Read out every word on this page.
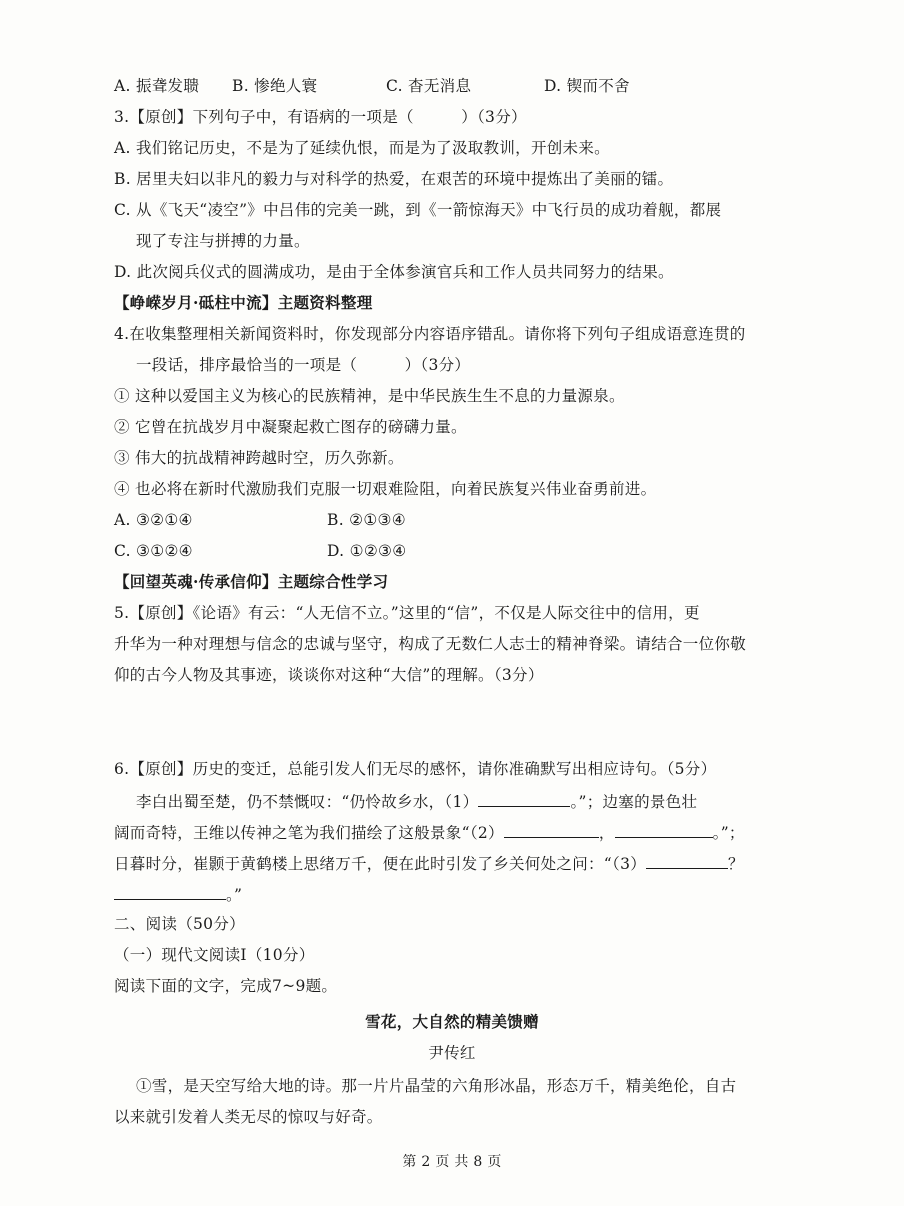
A. 振聋发聩 B. 惨绝人寰	C. 杳无消息	D. 锲而不舍
3.【原创】下列句子中，有语病的一项是（　　　）（3分）
A. 我们铭记历史，不是为了延续仇恨，而是为了汲取教训，开创未来。
B. 居里夫妇以非凡的毅力与对科学的热爱，在艰苦的环境中提炼出了美丽的镭。
C. 从《飞天“凌空”》中吕伟的完美一跳，到《一箭惊海天》中飞行员的成功着舰，都展
现了专注与拼搏的力量。
D. 此次阅兵仪式的圆满成功，是由于全体参演官兵和工作人员共同努力的结果。
【峥嵘岁月·砥柱中流】主题资料整理
4.在收集整理相关新闻资料时，你发现部分内容语序错乱。请你将下列句子组成语意连贯的
一段话，排序最恰当的一项是（　　　）（3分）
① 这种以爱国主义为核心的民族精神，是中华民族生生不息的力量源泉。
② 它曾在抗战岁月中凝聚起救亡图存的磅礴力量。
③ 伟大的抗战精神跨越时空，历久弥新。
④ 也必将在新时代激励我们克服一切艰难险阻，向着民族复兴伟业奋勇前进。
A. ③②①④	B. ②①③④
C. ③①②④	D. ①②③④
【回望英魂·传承信仰】主题综合性学习
5.【原创】《论语》有云：“人无信不立。”这里的“信”，不仅是人际交往中的信用，更
升华为一种对理想与信念的忠诚与坚守，构成了无数仁人志士的精神脊梁。请结合一位你敬
仰的古今人物及其事迹，谈谈你对这种“大信”的理解。（3分）
6.【原创】历史的变迁，总能引发人们无尽的感怀，请你准确默写出相应诗句。（5分）
李白出蜀至楚，仍不禁慨叹：“仍怜故乡水，（1）	。”；边塞的景色壮
阔而奇特，王维以传神之笔为我们描绘了这般景象“（2）	，	。”；
日暮时分，崔颢于黄鹤楼上思绪万千，便在此时引发了乡关何处之问：“（3）	？
。”
二、阅读（50分）
（一）现代文阅读Ⅰ（10分）
阅读下面的文字，完成7~9题。
雪花，大自然的精美馈赠
尹传红
①雪，是天空写给大地的诗。那一片片晶莹的六角形冰晶，形态万千，精美绝伦，自古
以来就引发着人类无尽的惊叹与好奇。
第 2 页 共 8 页
